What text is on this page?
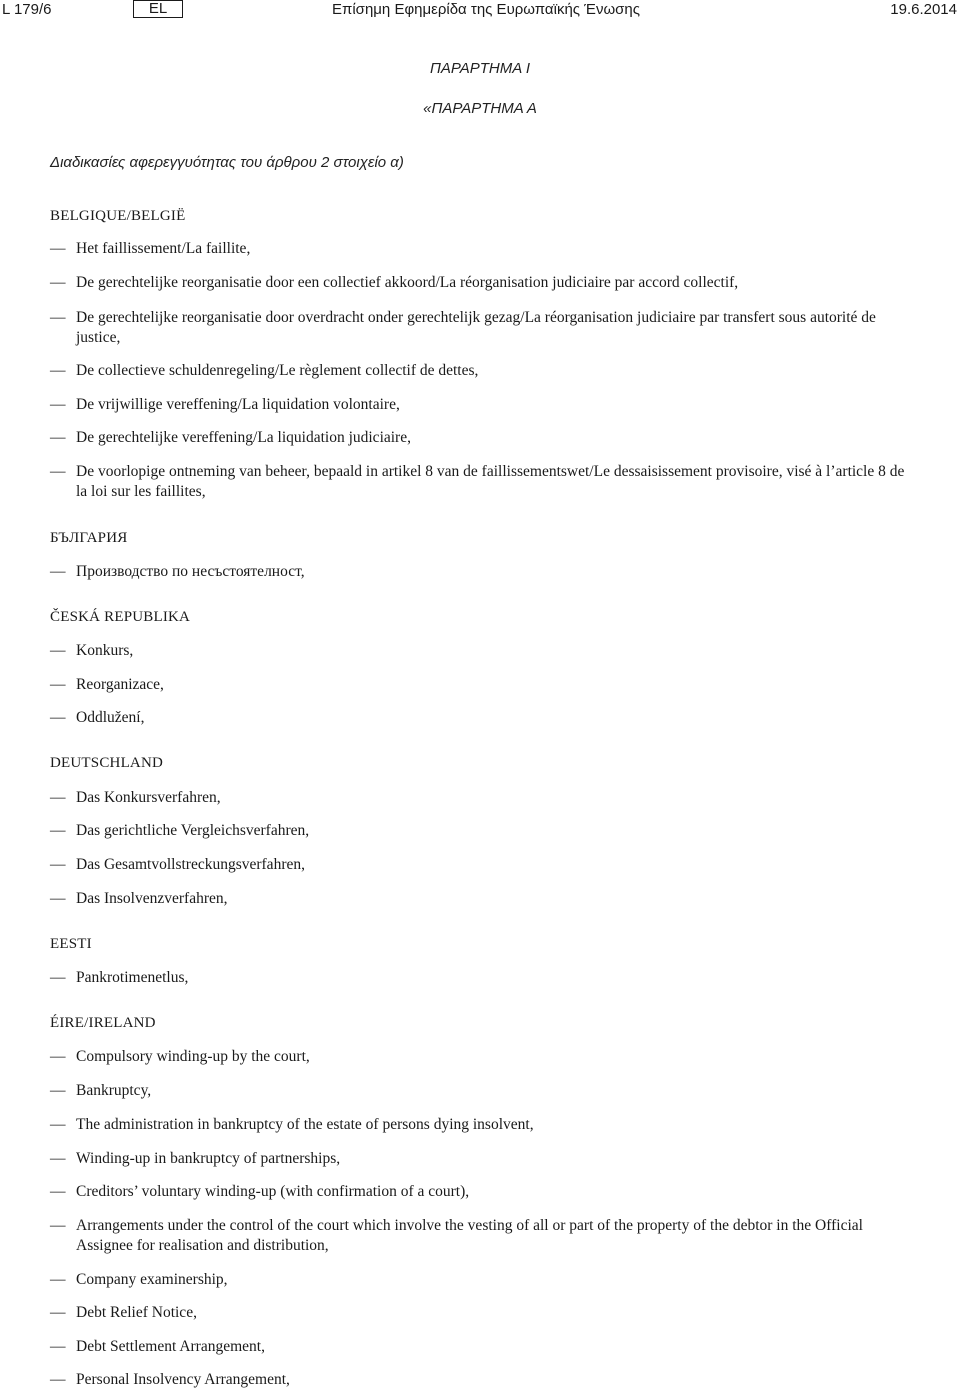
L 179/6	EL	Επίσημη Εφημερίδα της Ευρωπαϊκής Ένωσης	19.6.2014
ΠΑΡΑΡΤΗΜΑ Ι
«ΠΑΡΑΡΤΗΜΑ Α
Διαδικασίες αφερεγγυότητας του άρθρου 2 στοιχείο α)
BELGIQUE/BELGIË
— Het faillissement/La faillite,
— De gerechtelijke reorganisatie door een collectief akkoord/La réorganisation judiciaire par accord collectif,
— De gerechtelijke reorganisatie door overdracht onder gerechtelijk gezag/La réorganisation judiciaire par transfert sous autorité de justice,
— De collectieve schuldenregeling/Le règlement collectif de dettes,
— De vrijwillige vereffening/La liquidation volontaire,
— De gerechtelijke vereffening/La liquidation judiciaire,
— De voorlopige ontneming van beheer, bepaald in artikel 8 van de faillissementswet/Le dessaisissement provisoire, visé à l’article 8 de la loi sur les faillites,
БЪЛГАРИЯ
— Производство по несъстоятелност,
ČESKÁ REPUBLIKA
— Konkurs,
— Reorganizace,
— Oddlužení,
DEUTSCHLAND
— Das Konkursverfahren,
— Das gerichtliche Vergleichsverfahren,
— Das Gesamtvollstreckungsverfahren,
— Das Insolvenzverfahren,
EESTI
— Pankrotimenetlus,
ÉIRE/IRELAND
— Compulsory winding-up by the court,
— Bankruptcy,
— The administration in bankruptcy of the estate of persons dying insolvent,
— Winding-up in bankruptcy of partnerships,
— Creditors’ voluntary winding-up (with confirmation of a court),
— Arrangements under the control of the court which involve the vesting of all or part of the property of the debtor in the Official Assignee for realisation and distribution,
— Company examinership,
— Debt Relief Notice,
— Debt Settlement Arrangement,
— Personal Insolvency Arrangement,
